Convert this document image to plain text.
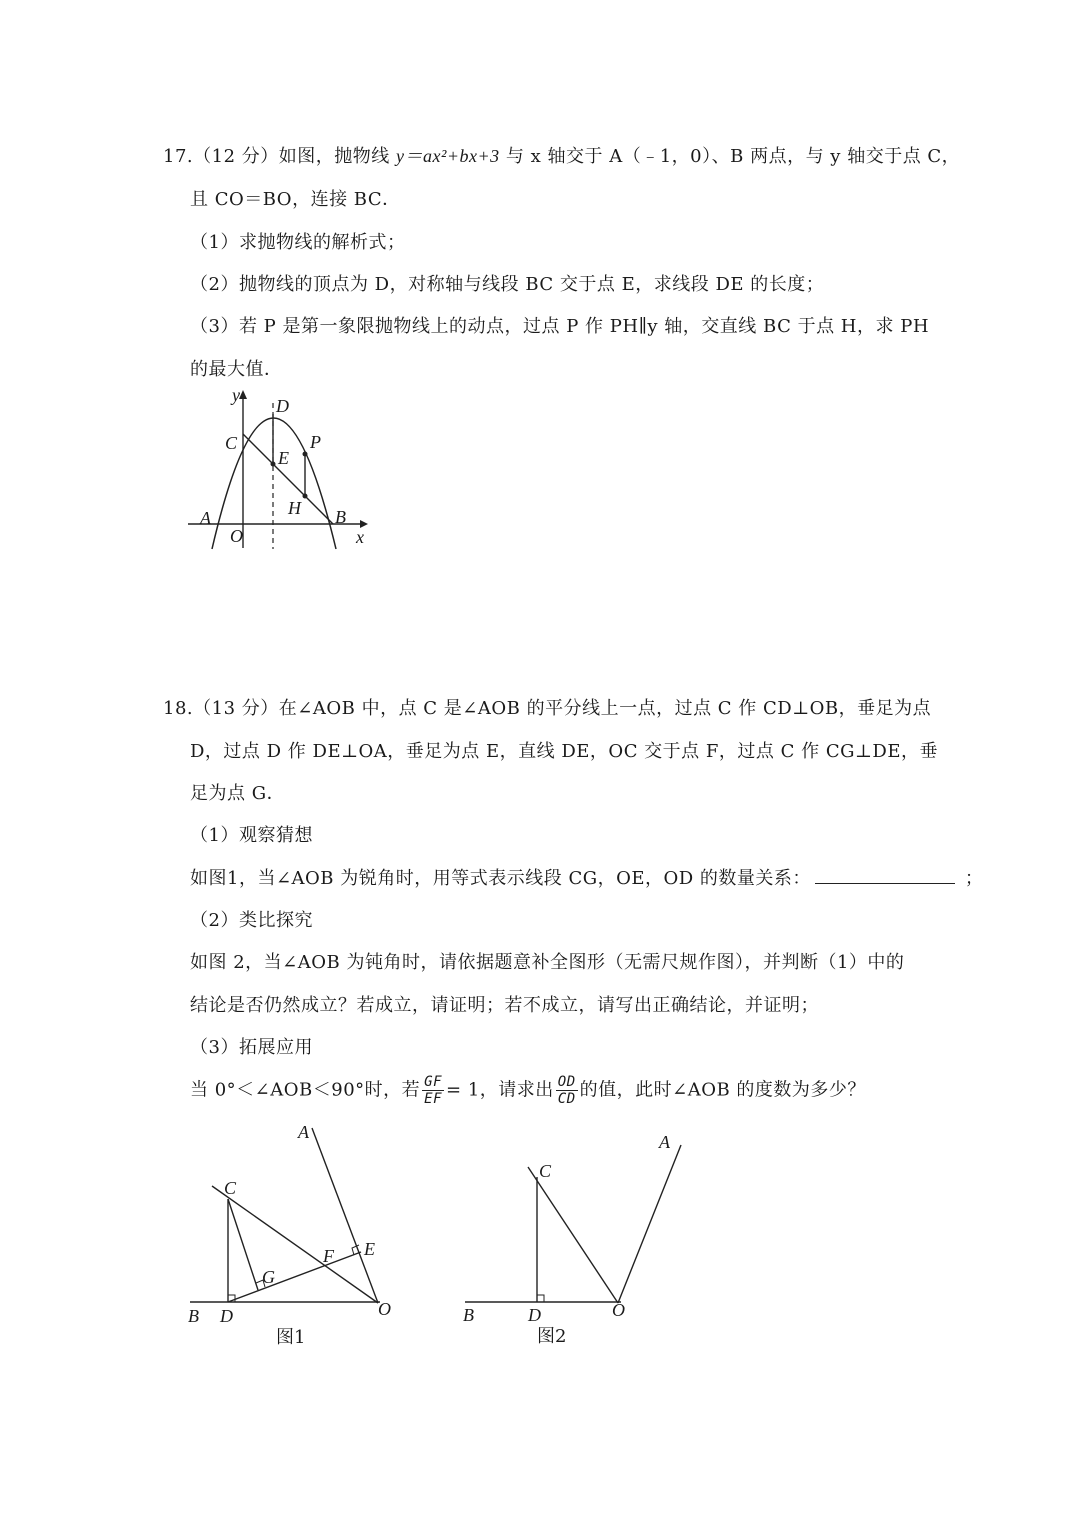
17.（12 分）如图，抛物线 y＝ax²+bx+3 与 x 轴交于 A（﹣1，0）、B 两点，与 y 轴交于点 C，
且 CO＝BO，连接 BC．
（1）求抛物线的解析式；
（2）抛物线的顶点为 D，对称轴与线段 BC 交于点 E，求线段 DE 的长度；
（3）若 P 是第一象限抛物线上的动点，过点 P 作 PH∥y 轴，交直线 BC 于点 H，求 PH
的最大值．
y
D
C	P
E
H
A	B
O	x
18.（13 分）在∠AOB 中，点 C 是∠AOB 的平分线上一点，过点 C 作 CD⊥OB，垂足为点
D，过点 D 作 DE⊥OA，垂足为点 E，直线 DE，OC 交于点 F，过点 C 作 CG⊥DE，垂
足为点 G．
（1）观察猜想
如图1，当∠AOB 为锐角时，用等式表示线段 CG，OE，OD 的数量关系：	；
（2）类比探究
如图 2，当∠AOB 为钝角时，请依据题意补全图形（无需尺规作图），并判断（1）中的
结论是否仍然成立？若成立，请证明；若不成立，请写出正确结论，并证明；
（3）拓展应用
当 0°＜∠AOB＜90°时，若 $\frac{GF}{EF} = 1$，请求出 $\frac{OD}{CD}$ 的值，此时∠AOB 的度数为多少？
A
C
E
F
G
O
B D
图1
A
C
O
B	D
图2
